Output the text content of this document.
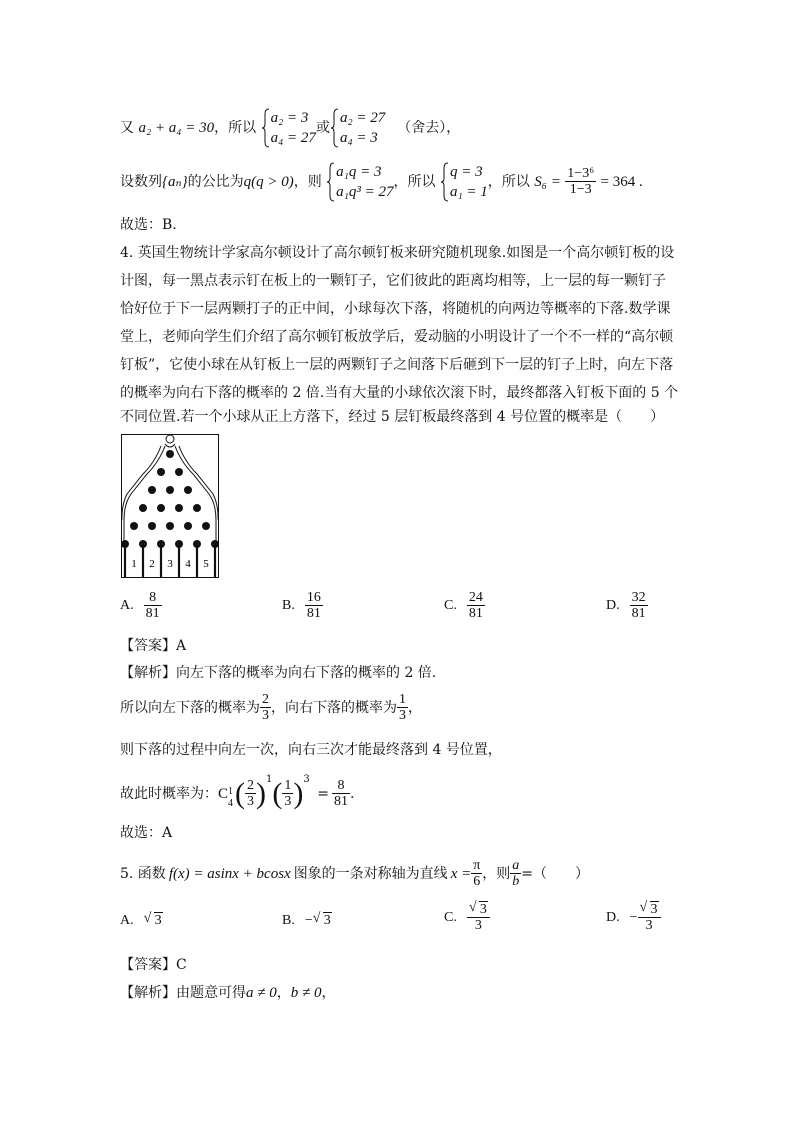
又 a₂ + a₄ = 30，所以
a₂ = 3
a₄ = 27
或
a₂ = 27
a₄ = 3
（舍去），
设数列{aₙ}的公比为q(q > 0)，则
a₁q = 3
a₁q³ = 27
，所以
q = 3
a₁ = 1
，所以 $S_6 = \frac{\text{1−3⁶}}{1-3} = 364$ .
故选：B.
4. 英国生物统计学家高尔顿设计了高尔顿钉板来研究随机现象.如图是一个高尔顿钉板的设
计图，每一黑点表示钉在板上的一颗钉子，它们彼此的距离均相等，上一层的每一颗钉子
恰好位于下一层两颗打子的正中间，小球每次下落，将随机的向两边等概率的下落.数学课
堂上，老师向学生们介绍了高尔顿钉板放学后，爱动脑的小明设计了一个不一样的“高尔顿
钉板”，它使小球在从钉板上一层的两颗钉子之间落下后砸到下一层的钉子上时，向左下落
的概率为向右下落的概率的 2 倍.当有大量的小球依次滚下时，最终都落入钉板下面的 5 个
不同位置.若一个小球从正上方落下，经过 5 层钉板最终落到 4 号位置的概率是（　　）
1 2 3 4 5
A. $\frac{8}{81}$	B. $\frac{16}{81}$	C. $\frac{24}{81}$	D. $\frac{32}{81}$
【答案】A
【解析】向左下落的概率为向右下落的概率的 2 倍.
所以向左下落的概率为 $\frac{2}{3}$ ，向右下落的概率为 $\frac{1}{3}$ ，
则下落的过程中向左一次，向右三次才能最终落到 4 号位置，
故此时概率为：C 1
4 ( $\frac{2}{3} )^1( \frac{1}{3} )^3 = \frac{8}{81}$ .
故选：A
5. 函数 f(x) = asinx + bcosx 图象的一条对称轴为直线 $x = \frac{\pi}{6}$ ，则 $\frac{a}{b}$ =（　　）
A. √ 3	B. − √ 3	C. $\frac{√ 3}{3}$	D. − $\frac{√ 3}{3}$
【答案】C
【解析】由题意可得a ≠ 0，b ≠ 0，
